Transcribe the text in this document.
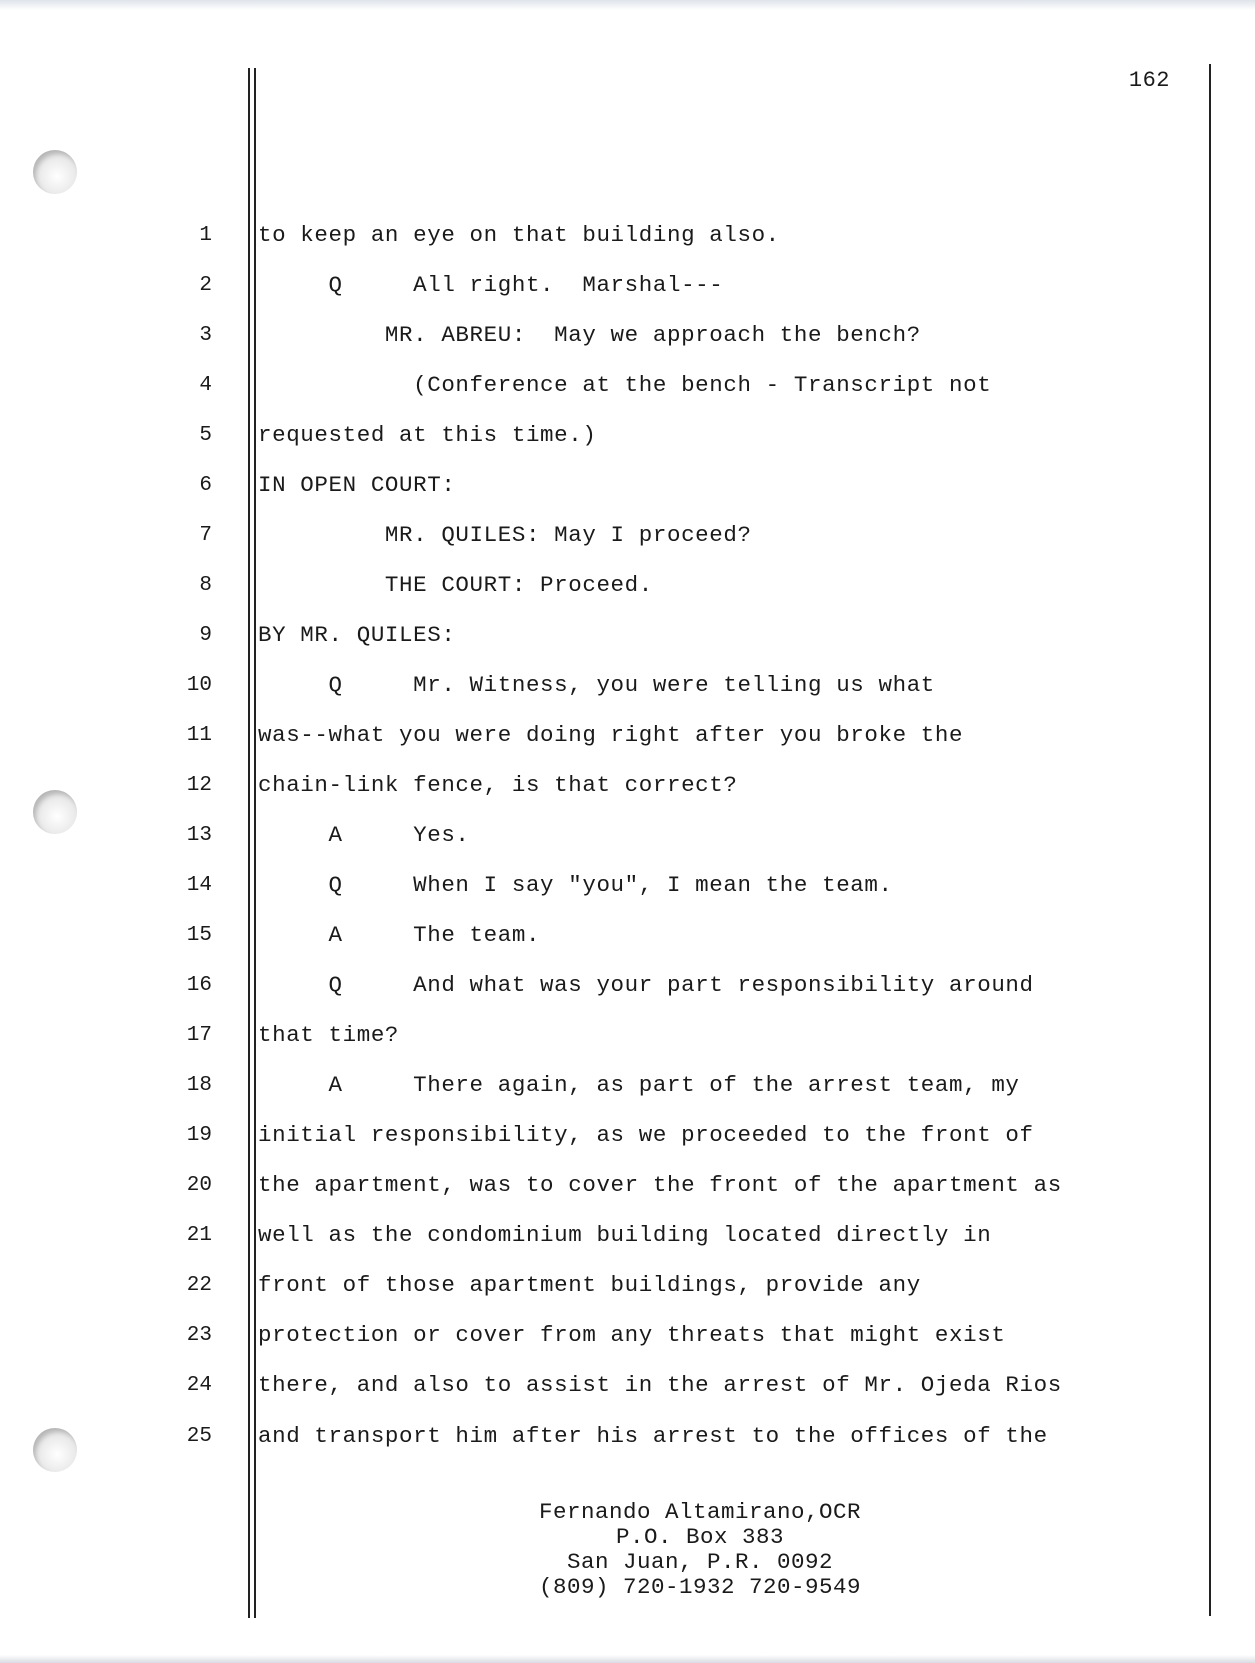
162
1 to keep an eye on that building also.
2 Q     All right.  Marshal---
3 MR. ABREU:  May we approach the bench?
4 (Conference at the bench - Transcript not
5 requested at this time.)
6 IN OPEN COURT:
7 MR. QUILES: May I proceed?
8 THE COURT: Proceed.
9 BY MR. QUILES:
10 Q     Mr. Witness, you were telling us what
11 was--what you were doing right after you broke the
12 chain-link fence, is that correct?
13 A     Yes.
14 Q     When I say "you", I mean the team.
15 A     The team.
16 Q     And what was your part responsibility around
17 that time?
18 A     There again, as part of the arrest team, my
19 initial responsibility, as we proceeded to the front of
20 the apartment, was to cover the front of the apartment as
21 well as the condominium building located directly in
22 front of those apartment buildings, provide any
23 protection or cover from any threats that might exist
24 there, and also to assist in the arrest of Mr. Ojeda Rios
25 and transport him after his arrest to the offices of the
Fernando Altamirano,OCR
P.O. Box 383
San Juan, P.R. 0092
(809) 720-1932 720-9549
